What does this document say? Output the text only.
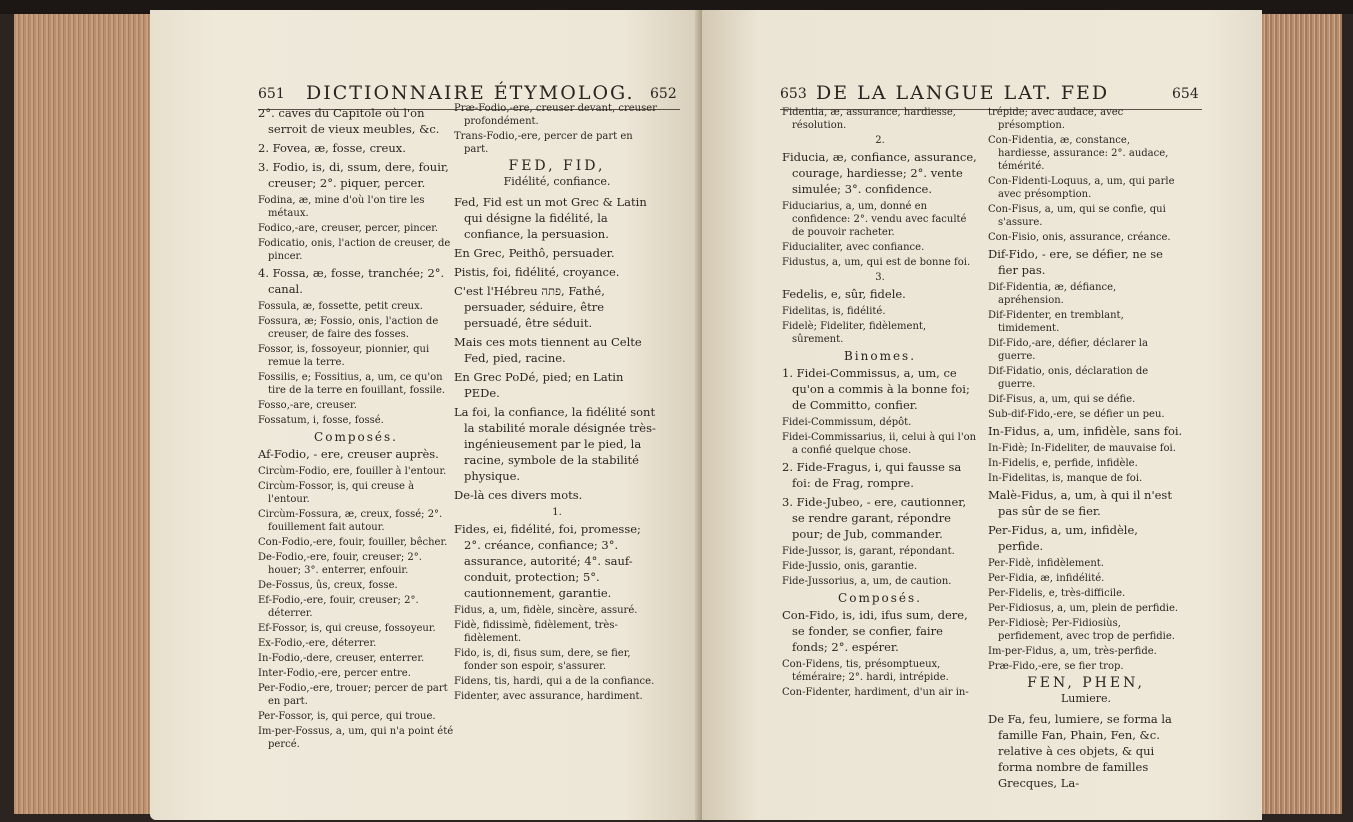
651 DICTIONNAIRE ÉTYMOLOG. 652

2°. caves du Capitole où l'on serroit de vieux meubles, &c.

2. Fovea, æ, fosse, creux.

3. Fodio, is, di, ssum, dere, fouir, creuser; 2°. piquer, percer.

Fodina, æ, mine d'où l'on tire les métaux.

Fodico,-are, creuser, percer, pincer.

Fodicatio, onis, l'action de creuser, de pincer.

4. Fossa, æ, fosse, tranchée; 2°. canal.

Fossula, æ, fossette, petit creux.

Fossura, æ; Fossio, onis, l'action de creuser, de faire des fosses.

Fossor, is, fossoyeur, pionnier, qui remue la terre.

Fossilis, e; Fossitius, a, um, ce qu'on tire de la terre en fouillant, fossile.

Fosso,-are, creuser.

Fossatum, i, fosse, fossé.

Composés.

Af-Fodio, - ere, creuser auprès.

Circùm-Fodio, ere, fouiller à l'entour.

Circùm-Fossor, is, qui creuse à l'entour.

Circùm-Fossura, æ, creux, fossé; 2°. fouillement fait autour.

Con-Fodio,-ere, fouir, fouiller, bêcher.

De-Fodio,-ere, fouir, creuser; 2°. houer; 3°. enterrer, enfouir.

De-Fossus, ûs, creux, fosse.

Ef-Fodio,-ere, fouir, creuser; 2°. déterrer.

Ef-Fossor, is, qui creuse, fossoyeur.

Ex-Fodio,-ere, déterrer.

In-Fodio,-dere, creuser, enterrer.

Inter-Fodio,-ere, percer entre.

Per-Fodio,-ere, trouer; percer de part en part.

Per-Fossor, is, qui perce, qui troue.

Im-per-Fossus, a, um, qui n'a point été percé.

Præ-Fodio,-ere, creuser devant, creuser profondément.

Trans-Fodio,-ere, percer de part en part.

FED, FID,
Fidélité, confiance.

Fed, Fid est un mot Grec & Latin qui désigne la fidélité, la confiance, la persuasion.

En Grec, Peithô, persuader.

Pistis, foi, fidélité, croyance.

C'est l'Hébreu פתה, Fathé, persuader, séduire, être persuadé, être séduit.

Mais ces mots tiennent au Celte Fed, pied, racine.

En Grec PoDé, pied; en Latin PEDe.

La foi, la confiance, la fidélité sont la stabilité morale désignée très-ingénieusement par le pied, la racine, symbole de la stabilité physique.

De-là ces divers mots.

1.

Fides, ei, fidélité, foi, promesse; 2°. créance, confiance; 3°. assurance, autorité; 4°. sauf-conduit, protection; 5°. cautionnement, garantie.

Fidus, a, um, fidèle, sincère, assuré.

Fidè, fidissimè, fidèlement, très-fidèlement.

Fido, is, di, fisus sum, dere, se fier, fonder son espoir, s'assurer.

Fidens, tis, hardi, qui a de la confiance.

Fidenter, avec assurance, hardiment.

653 DE LA LANGUE LAT. FED	654

Fidentia, æ, assurance, hardiesse, résolution.

2.

Fiducia, æ, confiance, assurance, courage, hardiesse; 2°. vente simulée; 3°. confidence.

Fiduciarius, a, um, donné en confidence: 2°. vendu avec faculté de pouvoir racheter.

Fiducialiter, avec confiance.

Fidustus, a, um, qui est de bonne foi.

3.

Fedelis, e, sûr, fidele.

Fidelitas, is, fidélité.

Fidelè; Fideliter, fidèlement, sûrement.

Binomes.

1. Fidei-Commissus, a, um, ce qu'on a commis à la bonne foi; de Committo, confier.

Fidei-Commissum, dépôt.

Fidei-Commissarius, ii, celui à qui l'on a confié quelque chose.

2. Fide-Fragus, i, qui fausse sa foi: de Frag, rompre.

3. Fide-Jubeo, - ere, cautionner, se rendre garant, répondre pour; de Jub, commander.

Fide-Jussor, is, garant, répondant.

Fide-Jussio, onis, garantie.

Fide-Jussorius, a, um, de caution.

Composés.

Con-Fido, is, idi, ifus sum, dere, se fonder, se confier, faire fonds; 2°. espérer.

Con-Fidens, tis, présomptueux, téméraire; 2°. hardi, intrépide.

Con-Fidenter, hardiment, d'un air in-

trépide; avec audace, avec présomption.

Con-Fidentia, æ, constance, hardiesse, assurance: 2°. audace, témérité.

Con-Fidenti-Loquus, a, um, qui parle avec présomption.

Con-Fisus, a, um, qui se confie, qui s'assure.

Con-Fisio, onis, assurance, créance.

Dif-Fido, - ere, se défier, ne se fier pas.

Dif-Fidentia, æ, défiance, apréhension.

Dif-Fidenter, en tremblant, timidement.

Dif-Fido,-are, défier, déclarer la guerre.

Dif-Fidatio, onis, déclaration de guerre.

Dif-Fisus, a, um, qui se défie.

Sub-dif-Fido,-ere, se défier un peu.

In-Fidus, a, um, infidèle, sans foi.

In-Fidè; In-Fideliter, de mauvaise foi.

In-Fidelis, e, perfide, infidèle.

In-Fidelitas, is, manque de foi.

Malè-Fidus, a, um, à qui il n'est pas sûr de se fier.

Per-Fidus, a, um, infidèle, perfide.

Per-Fidè, infidèlement.

Per-Fidia, æ, infidélité.

Per-Fidelis, e, très-difficile.

Per-Fidiosus, a, um, plein de perfidie.

Per-Fidiosè; Per-Fidiosiùs, perfidement, avec trop de perfidie.

Im-per-Fidus, a, um, très-perfide.

Præ-Fido,-ere, se fier trop.

FEN, PHEN,
Lumiere.

De Fa, feu, lumiere, se forma la famille Fan, Phain, Fen, &c. relative à ces objets, & qui forma nombre de familles Grecques, La-
